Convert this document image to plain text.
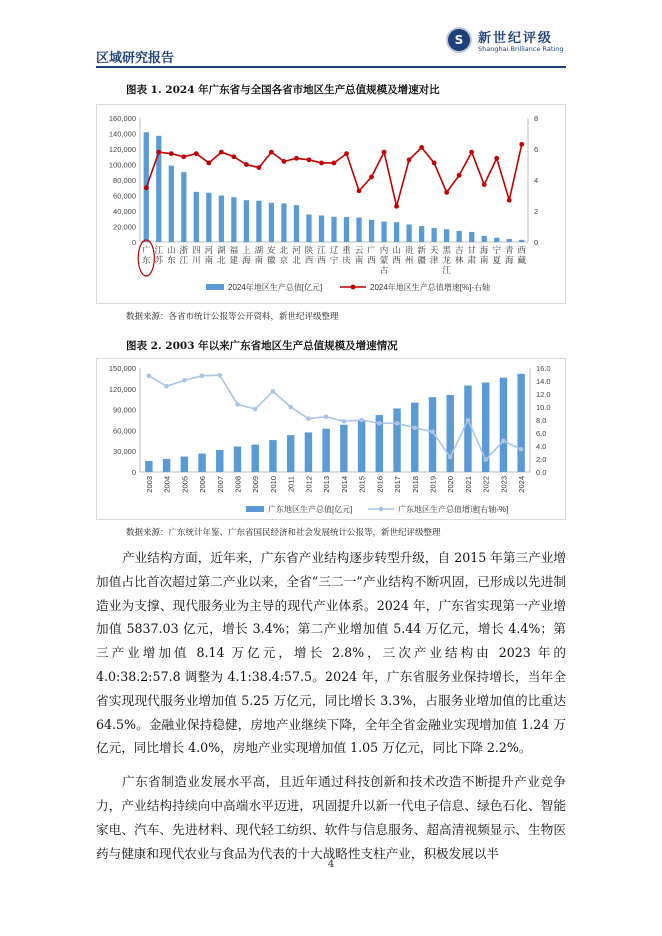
S	新世纪评级
Shanghai Brilliance Rating
区域研究报告
图表 1. 2024 年广东省与全国各省市地区生产总值规模及增速对比
0
20,000
40,000
60,000
80,000
100,000
120,000
140,000
160,000
0
2
4
6
8
广东
江苏
山东
浙江
四川
河南
湖北
福建
上海
湖南
安徽
北京
河北
陕西
江西
辽宁
重庆
云南
广西
内蒙古
山西
贵州
新疆
天津
黑龙江
吉林
甘肃
海南
宁夏
青海
西藏
2024年地区生产总值[亿元]	2024年地区生产总值增速[%]-右轴
数据来源：各省市统计公报等公开资料，新世纪评级整理
图表 2. 2003 年以来广东省地区生产总值规模及增速情况
0
30,000
60,000
90,000
120,000
150,000
0.0
2.0
4.0
6.0
8.0
10.0
12.0
14.0
16.0
2003 2004 2005 2006 2007 2008 2009 2010 2011 2012 2013 2014 2015 2016 2017 2018 2019 2020 2021 2022 2023 2024
广东地区生产总值[亿元]	广东地区生产总值增速[右轴-%]
数据来源：广东统计年鉴、广东省国民经济和社会发展统计公报等，新世纪评级整理

产业结构方面，近年来，广东省产业结构逐步转型升级，自 2015 年第三产业增加值占比首次超过第二产业以来，全省“三二一”产业结构不断巩固，已形成以先进制造业为支撑、现代服务业为主导的现代产业体系。2024 年，广东省实现第一产业增加值 5837.03 亿元，增长 3.4%；第二产业增加值 5.44 万亿元，增长 4.4%；第三产业增加值 8.14 万亿元，增长 2.8%，三次产业结构由 2023 年的 4.0:38.2:57.8 调整为 4.1:38.4:57.5。2024 年，广东省服务业保持增长，当年全省实现现代服务业增加值 5.25 万亿元，同比增长 3.3%，占服务业增加值的比重达 64.5%。金融业保持稳健，房地产业继续下降，全年全省金融业实现增加值 1.24 万亿元，同比增长 4.0%，房地产业实现增加值 1.05 万亿元，同比下降 2.2%。

广东省制造业发展水平高，且近年通过科技创新和技术改造不断提升产业竞争力，产业结构持续向中高端水平迈进，巩固提升以新一代电子信息、绿色石化、智能家电、汽车、先进材料、现代轻工纺织、软件与信息服务、超高清视频显示、生物医药与健康和现代农业与食品为代表的十大战略性支柱产业，积极发展以半

4
